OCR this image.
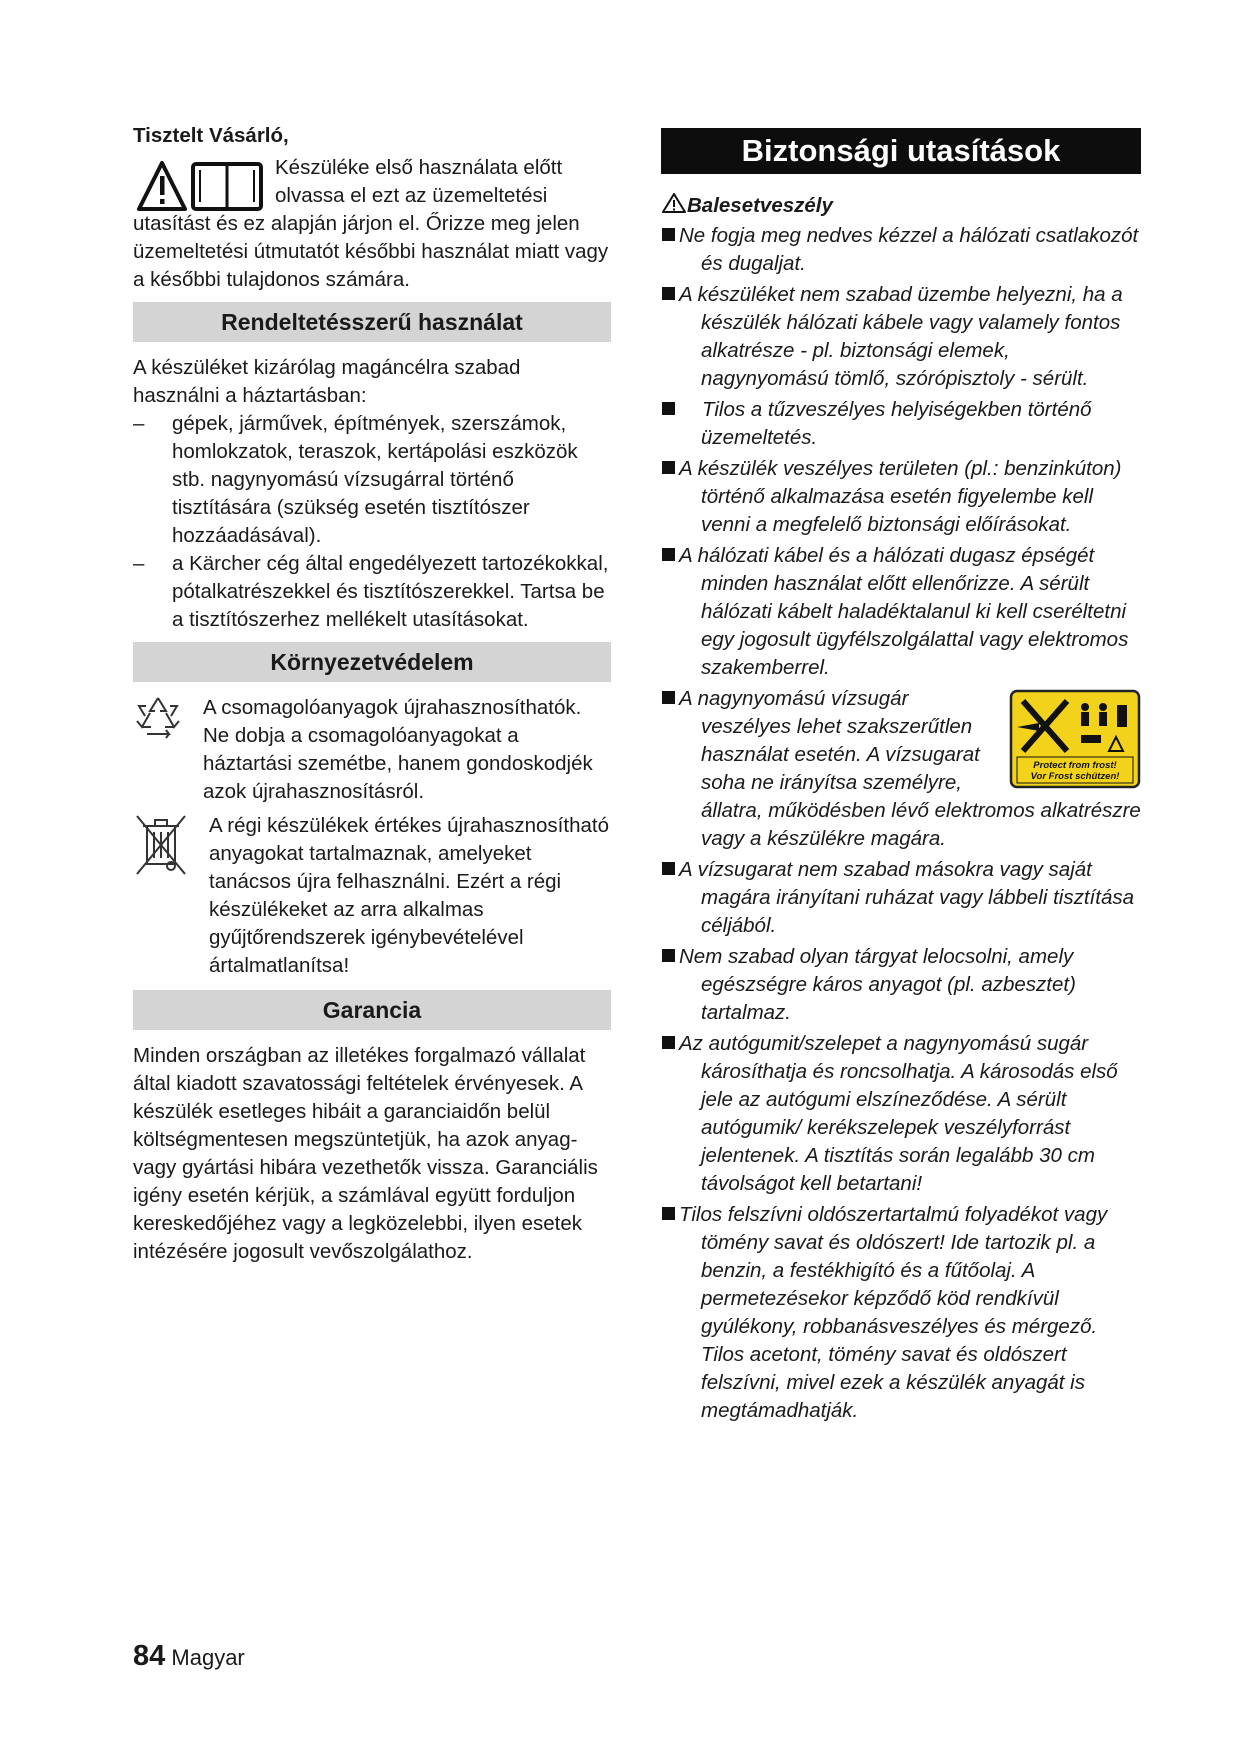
Tisztelt Vásárló,

Készüléke első használata előtt olvassa el ezt az üzemeltetési

utasítást és ez alapján járjon el. Őrizze meg jelen üzemeltetési útmutatót későbbi használat miatt vagy a későbbi tulajdonos számára.

Rendeltetésszerű használat

A készüléket kizárólag magáncélra szabad használni a háztartásban:

– gépek, járművek, építmények, szerszámok, homlokzatok, teraszok, kertápolási eszközök stb. nagynyomású vízsugárral történő tisztítására (szükség esetén tisztítószer hozzáadásával).
– a Kärcher cég által engedélyezett tartozékokkal, pótalkatrészekkel és tisztítószerekkel. Tartsa be a tisztítószerhez mellékelt utasításokat.
Környezetvédelem

A csomagolóanyagok újrahasznosíthatók. Ne dobja a csomagolóanyagokat a háztartási szemétbe, hanem gondoskodjék azok újrahasznosításról.

A régi készülékek értékes újrahasznosítható anyagokat tartalmaznak, amelyeket tanácsos újra felhasználni. Ezért a régi készülékeket az arra alkalmas gyűjtőrendszerek igénybevételével ártalmatlanítsa!

Garancia

Minden országban az illetékes forgalmazó vállalat által kiadott szavatossági feltételek érvényesek. A készülék esetleges hibáit a garanciaidőn belül költségmentesen megszüntetjük, ha azok anyag- vagy gyártási hibára vezethetők vissza. Garanciális igény esetén kérjük, a számlával együtt forduljon kereskedőjéhez vagy a legközelebbi, ilyen esetek intézésére jogosult vevőszolgálathoz.

Biztonsági utasítások
Balesetveszély
Ne fogja meg nedves kézzel a hálózati csatlakozót és dugaljat.
A készüléket nem szabad üzembe helyezni, ha a készülék hálózati kábele vagy valamely fontos alkatrésze - pl. biztonsági elemek, nagynyomású tömlő, szórópisztoly - sérült.
Tilos a tűzveszélyes helyiségekben történő üzemeltetés.
A készülék veszélyes területen (pl.: benzinkúton) történő alkalmazása esetén figyelembe kell venni a megfelelő biztonsági előírásokat.
A hálózati kábel és a hálózati dugasz épségét minden használat előtt ellenőrizze. A sérült hálózati kábelt haladéktalanul ki kell cseréltetni egy jogosult ügyfélszolgálattal vagy elektromos szakemberrel.
Protect from frost!
Vor Frost schützen!
A nagynyomású vízsugár veszélyes lehet szakszerűtlen használat esetén. A vízsugarat soha ne irányítsa személyre, állatra, működésben lévő elektromos alkatrészre vagy a készülékre magára.
A vízsugarat nem szabad másokra vagy saját magára irányítani ruházat vagy lábbeli tisztítása céljából.
Nem szabad olyan tárgyat lelocsolni, amely egészségre káros anyagot (pl. azbesztet) tartalmaz.
Az autógumit/szelepet a nagynyomású sugár károsíthatja és roncsolhatja. A károsodás első jele az autógumi elszíneződése. A sérült autógumik/ kerékszelepek veszélyforrást jelentenek. A tisztítás során legalább 30 cm távolságot kell betartani!
Tilos felszívni oldószertartalmú folyadékot vagy tömény savat és oldószert! Ide tartozik pl. a benzin, a festékhigító és a fűtőolaj. A permetezésekor képződő köd rendkívül gyúlékony, robbanásveszélyes és mérgező. Tilos acetont, tömény savat és oldószert felszívni, mivel ezek a készülék anyagát is megtámadhatják.
84 Magyar
